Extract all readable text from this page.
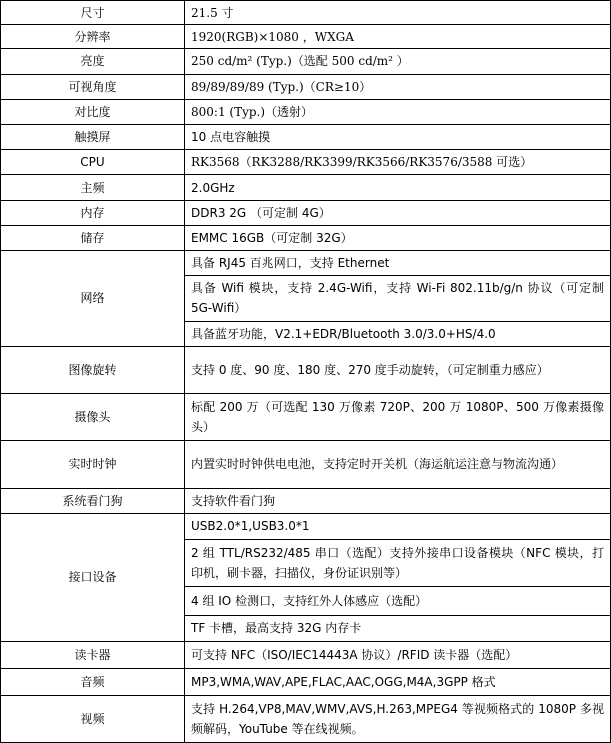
尺寸	21.5 寸
分辨率	1920(RGB)×1080 ，WXGA
亮度	250 cd/m² (Typ.)（选配 500 cd/m² ）
可视角度	89/89/89/89 (Typ.)（CR≥10）
对比度	800:1 (Typ.)（透射）
触摸屏	10 点电容触摸
CPU	RK3568（RK3288/RK3399/RK3566/RK3576/3588 可选）
主频	2.0GHz
内存	DDR3 2G （可定制 4G）
储存	EMMC 16GB（可定制 32G）
网络	具备 RJ45 百兆网口，支持 Ethernet
	具备 Wifi 模块，支持 2.4G-Wifi，支持 Wi-Fi 802.11b/g/n 协议（可定制 5G-Wifi）
	具备蓝牙功能，V2.1+EDR/Bluetooth 3.0/3.0+HS/4.0
图像旋转	支持 0 度、90 度、180 度、270 度手动旋转，（可定制重力感应）
摄像头	标配 200 万（可选配 130 万像素 720P、200 万 1080P、500 万像素摄像头）
实时时钟	内置实时时钟供电电池，支持定时开关机（海运航运注意与物流沟通）
系统看门狗	支持软件看门狗
接口设备	USB2.0*1,USB3.0*1
	2 组 TTL/RS232/485 串口（选配）支持外接串口设备模块（NFC 模块，打印机，刷卡器，扫描仪，身份证识别等）
	4 组 IO 检测口，支持红外人体感应（选配）
	TF 卡槽，最高支持 32G 内存卡
读卡器	可支持 NFC（ISO/IEC14443A 协议）/RFID 读卡器（选配）
音频	MP3,WMA,WAV,APE,FLAC,AAC,OGG,M4A,3GPP 格式
视频	支持 H.264,VP8,MAV,WMV,AVS,H.263,MPEG4 等视频格式的 1080P 多视频解码，YouTube 等在线视频。
